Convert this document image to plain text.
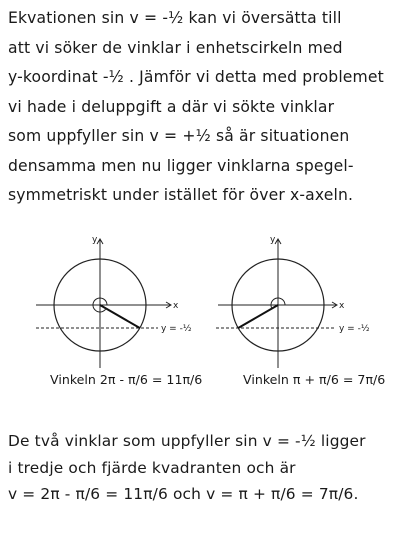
Ekvationen sin v = -½ kan vi översätta till
att vi söker de vinklar i enhetscirkeln med
y-koordinat -½ . Jämför vi detta med problemet
vi hade i deluppgift a där vi sökte vinklar
som uppfyller sin v = +½ så är situationen
densamma men nu ligger vinklarna spegel-
symmetriskt under istället för över x-axeln.
x
y
y = -½
x
y
y = -½
Vinkeln 2π - π/6 = 11π/6	Vinkeln π + π/6 = 7π/6
De två vinklar som uppfyller sin v = -½ ligger
i tredje och fjärde kvadranten och är
v = 2π - π/6 = 11π/6 och v = π + π/6 = 7π/6.
